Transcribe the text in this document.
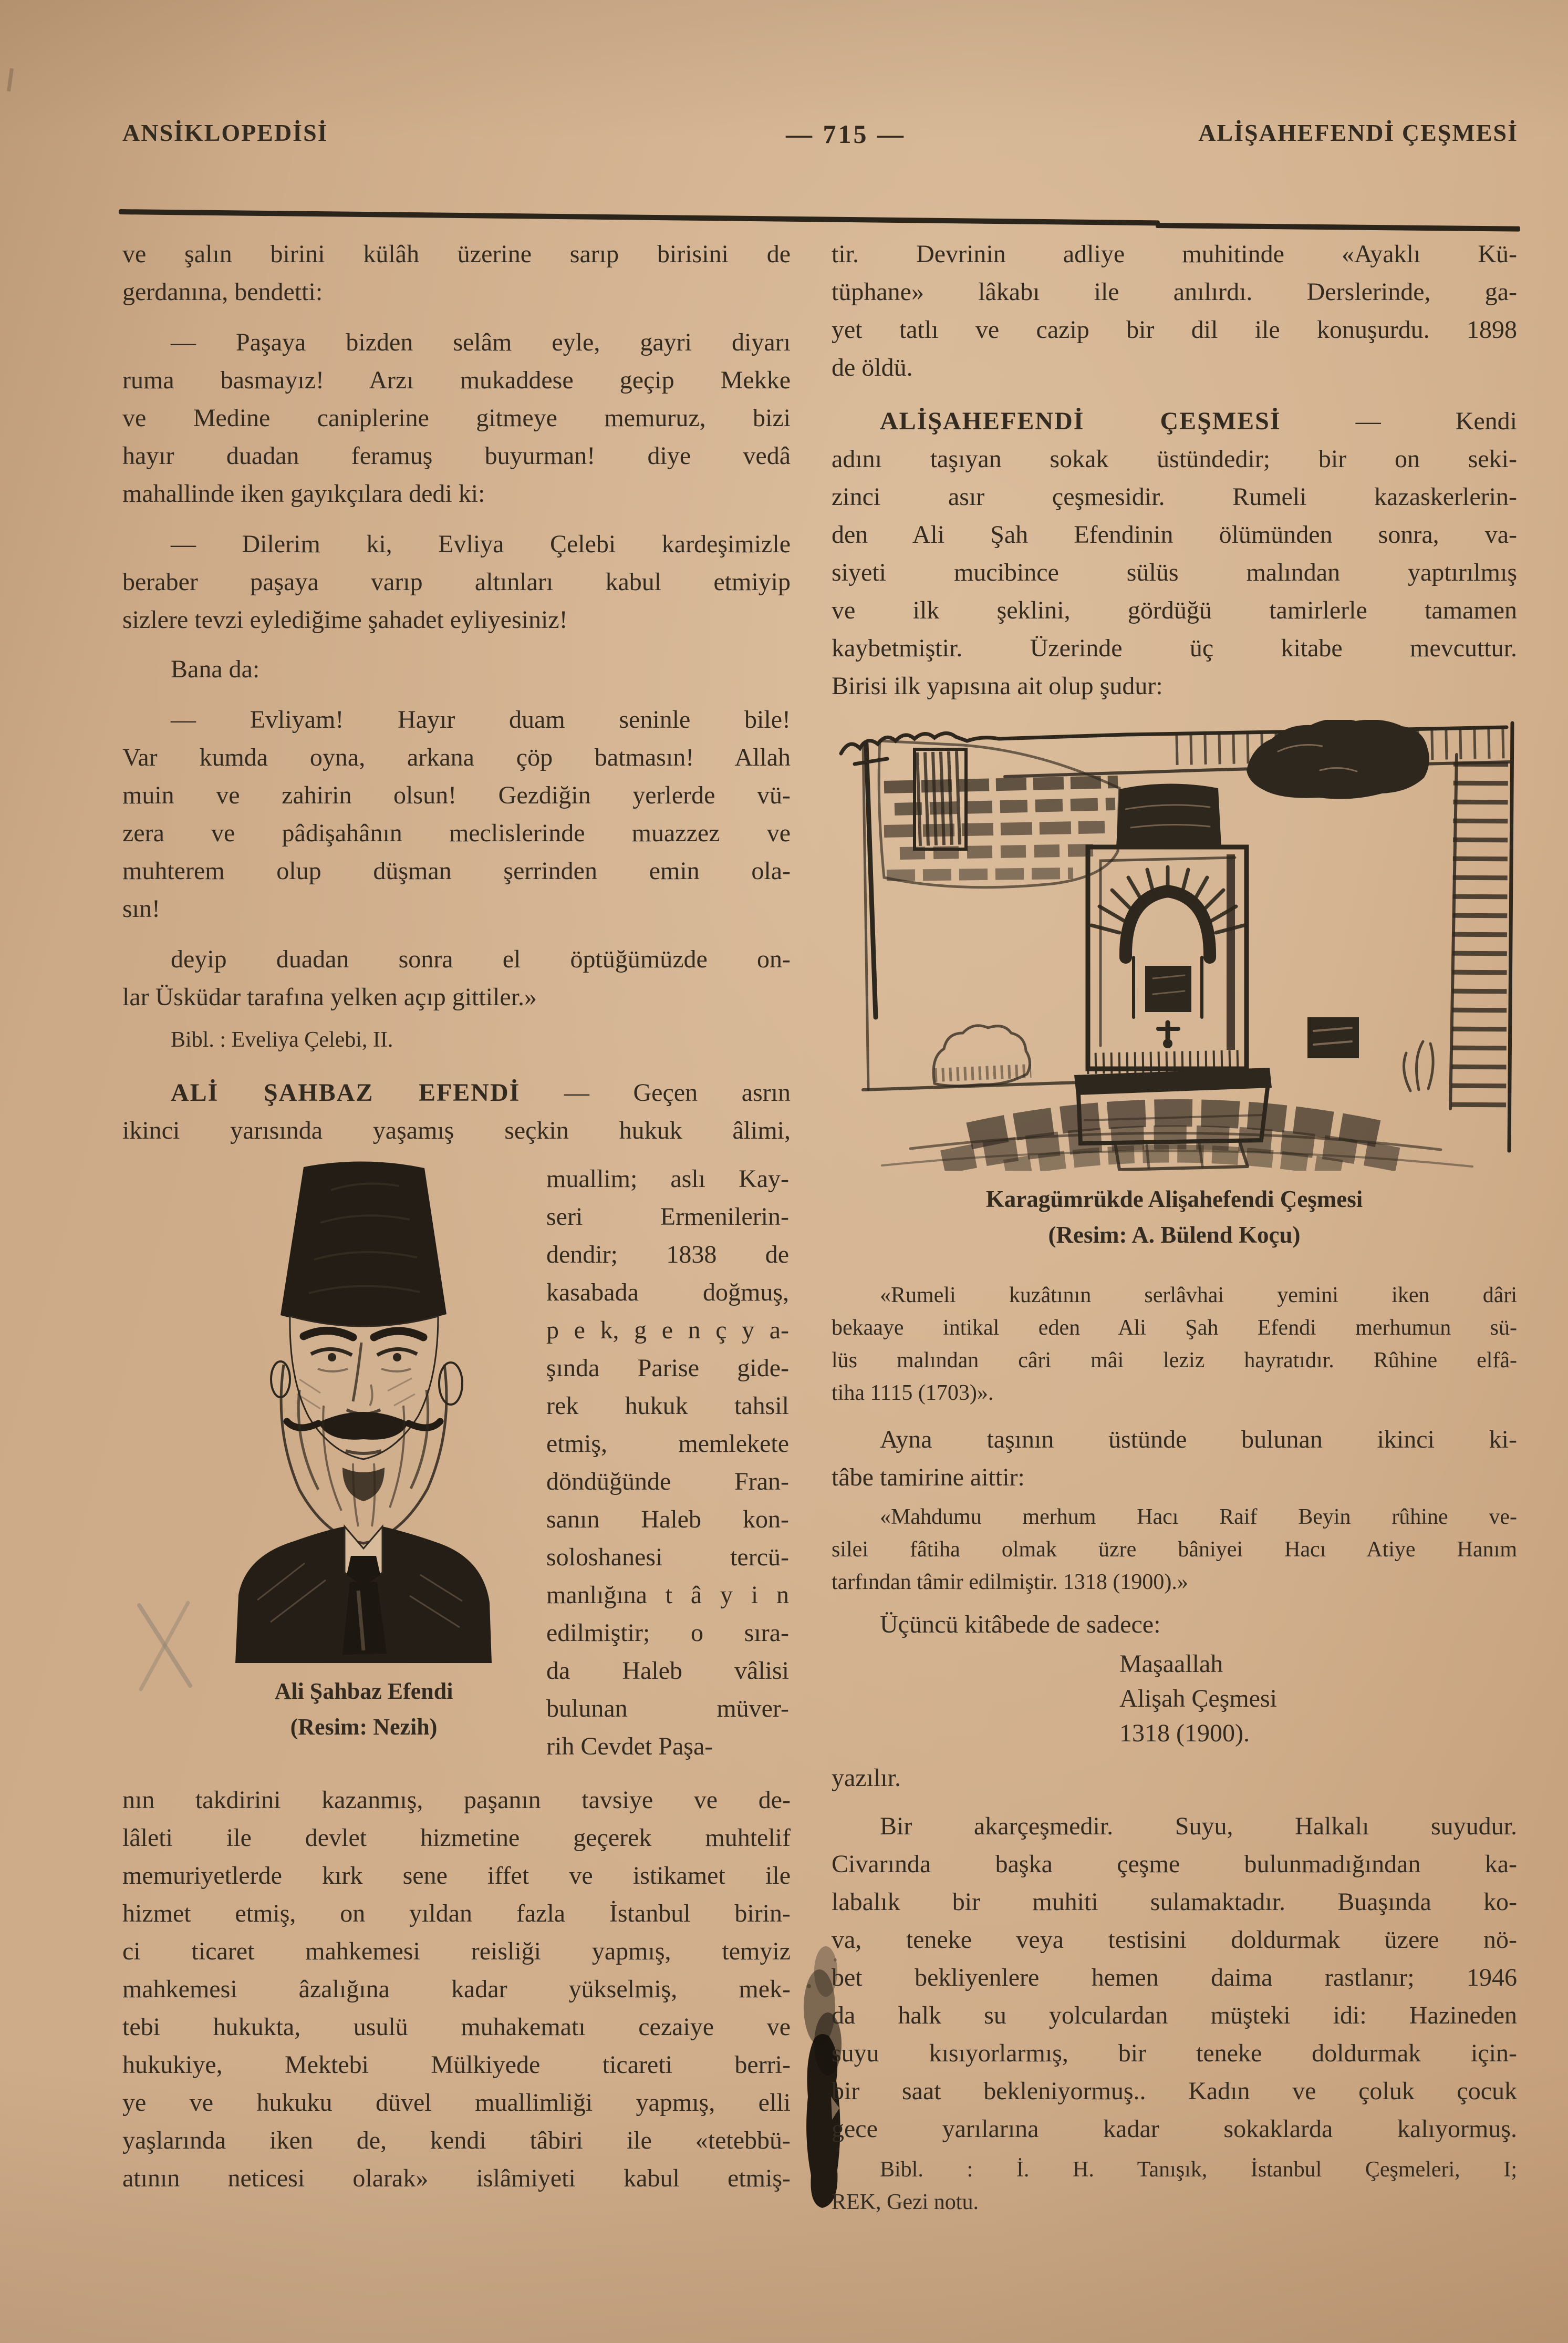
ANSİKLOPEDİSİ	— 715 —	ALİŞAHEFENDİ ÇEŞMESİ
ve şalın birini külâh üzerine sarıp birisini de
gerdanına, bendetti:
— Paşaya bizden selâm eyle, gayri diyarı
ruma basmayız! Arzı mukaddese geçip Mekke
ve Medine caniplerine gitmeye memuruz, bizi
hayır duadan feramuş buyurman! diye vedâ
mahallinde iken gayıkçılara dedi ki:
— Dilerim ki, Evliya Çelebi kardeşimizle
beraber paşaya varıp altınları kabul etmiyip
sizlere tevzi eylediğime şahadet eyliyesiniz!
Bana da:
— Evliyam! Hayır duam seninle bile!
Var kumda oyna, arkana çöp batmasın! Allah
muin ve zahirin olsun! Gezdiğin yerlerde vü-
zera ve pâdişahânın meclislerinde muazzez ve
muhterem olup düşman şerrinden emin ola-
sın!
deyip duadan sonra el öptüğümüzde on-
lar Üsküdar tarafına yelken açıp gittiler.»
Bibl. : Eveliya Çelebi, II.
ALİ ŞAHBAZ EFENDİ — Geçen asrın
ikinci yarısında yaşamış seçkin hukuk âlimi,
Ali Şahbaz Efendi
(Resim: Nezih)
muallim; aslı Kay-
seri Ermenilerin-
dendir; 1838 de
kasabada doğmuş,
p e k, g e n ç y a-
şında Parise gide-
rek hukuk tahsil
etmiş, memlekete
döndüğünde Fran-
sanın Haleb kon-
soloshanesi tercü-
manlığına t â y i n
edilmiştir; o sıra-
da Haleb vâlisi
bulunan müver-
rih Cevdet Paşa-
nın takdirini kazanmış, paşanın tavsiye ve de-
lâleti ile devlet hizmetine geçerek muhtelif
memuriyetlerde kırk sene iffet ve istikamet ile
hizmet etmiş, on yıldan fazla İstanbul birin-
ci ticaret mahkemesi reisliği yapmış, temyiz
mahkemesi âzalığına kadar yükselmiş, mek-
tebi hukukta, usulü muhakematı cezaiye ve
hukukiye, Mektebi Mülkiyede ticareti berri-
ye ve hukuku düvel muallimliği yapmış, elli
yaşlarında iken de, kendi tâbiri ile «tetebbü-
atının neticesi olarak» islâmiyeti kabul etmiş-
tir. Devrinin adliye muhitinde «Ayaklı Kü-
tüphane» lâkabı ile anılırdı. Derslerinde, ga-
yet tatlı ve cazip bir dil ile konuşurdu. 1898
de öldü.
ALİŞAHEFENDİ ÇEŞMESİ — Kendi
adını taşıyan sokak üstündedir; bir on seki-
zinci asır çeşmesidir. Rumeli kazaskerlerin-
den Ali Şah Efendinin ölümünden sonra, va-
siyeti mucibince sülüs malından yaptırılmış
ve ilk şeklini, gördüğü tamirlerle tamamen
kaybetmiştir. Üzerinde üç kitabe mevcuttur.
Birisi ilk yapısına ait olup şudur:
Karagümrükde Alişahefendi Çeşmesi
(Resim: A. Bülend Koçu)
«Rumeli kuzâtının serlâvhai yemini iken dâri
bekaaye intikal eden Ali Şah Efendi merhumun sü-
lüs malından câri mâi leziz hayratıdır. Rûhine elfâ-
tiha 1115 (1703)».
Ayna taşının üstünde bulunan ikinci ki-
tâbe tamirine aittir:
«Mahdumu merhum Hacı Raif Beyin rûhine ve-
silei fâtiha olmak üzre bâniyei Hacı Atiye Hanım
tarfından tâmir edilmiştir. 1318 (1900).»
Üçüncü kitâbede de sadece:
Maşaallah
Alişah Çeşmesi
1318 (1900).
yazılır.
Bir akarçeşmedir. Suyu, Halkalı suyudur.
Civarında başka çeşme bulunmadığından ka-
labalık bir muhiti sulamaktadır. Buaşında ko-
va, teneke veya testisini doldurmak üzere nö-
bet bekliyenlere hemen daima rastlanır; 1946
da halk su yolculardan müşteki idi: Hazineden
suyu kısıyorlarmış, bir teneke doldurmak için-
bir saat bekleniyormuş.. Kadın ve çoluk çocuk
gece yarılarına kadar sokaklarda kalıyormuş.
Bibl. : İ. H. Tanışık, İstanbul Çeşmeleri, I;
REK, Gezi notu.
